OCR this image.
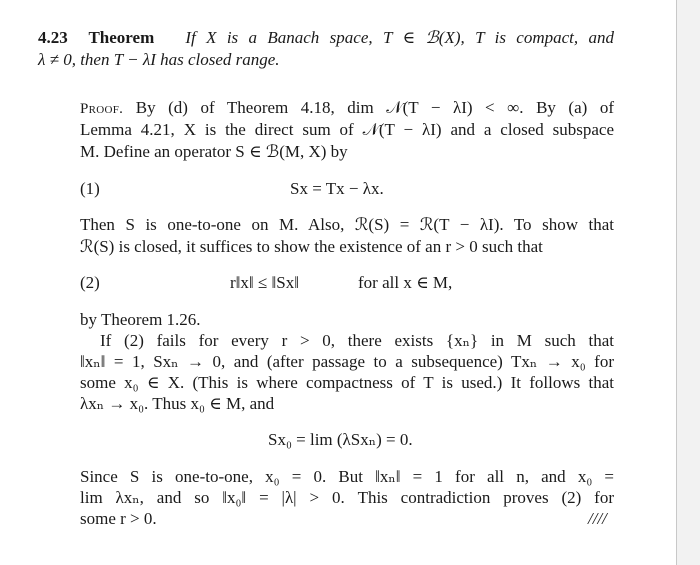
4.23 Theorem If X is a Banach space, T ∈ ℬ(X), T is compact, and
λ ≠ 0, then T − λI has closed range.
Proof. By (d) of Theorem 4.18, dim 𝒩(T − λI) < ∞. By (a) of
Lemma 4.21, X is the direct sum of 𝒩(T − λI) and a closed subspace
M. Define an operator S ∈ ℬ(M, X) by
(1)	Sx = Tx − λx.
Then S is one-to-one on M. Also, ℛ(S) = ℛ(T − λI). To show that
ℛ(S) is closed, it suffices to show the existence of an r > 0 such that
(2)	r‖x‖ ≤ ‖Sx‖	for all x ∈ M,
by Theorem 1.26.
If (2) fails for every r > 0, there exists {xₙ} in M such that
‖xₙ‖ = 1, Sxₙ → 0, and (after passage to a subsequence) Txₙ → x₀ for
some x₀ ∈ X. (This is where compactness of T is used.) It follows that
λxₙ → x₀. Thus x₀ ∈ M, and
Sx₀ = lim (λSxₙ) = 0.
Since S is one-to-one, x₀ = 0. But ‖xₙ‖ = 1 for all n, and x₀ =
lim λxₙ, and so ‖x₀‖ = |λ| > 0. This contradiction proves (2) for
some r > 0.	////
